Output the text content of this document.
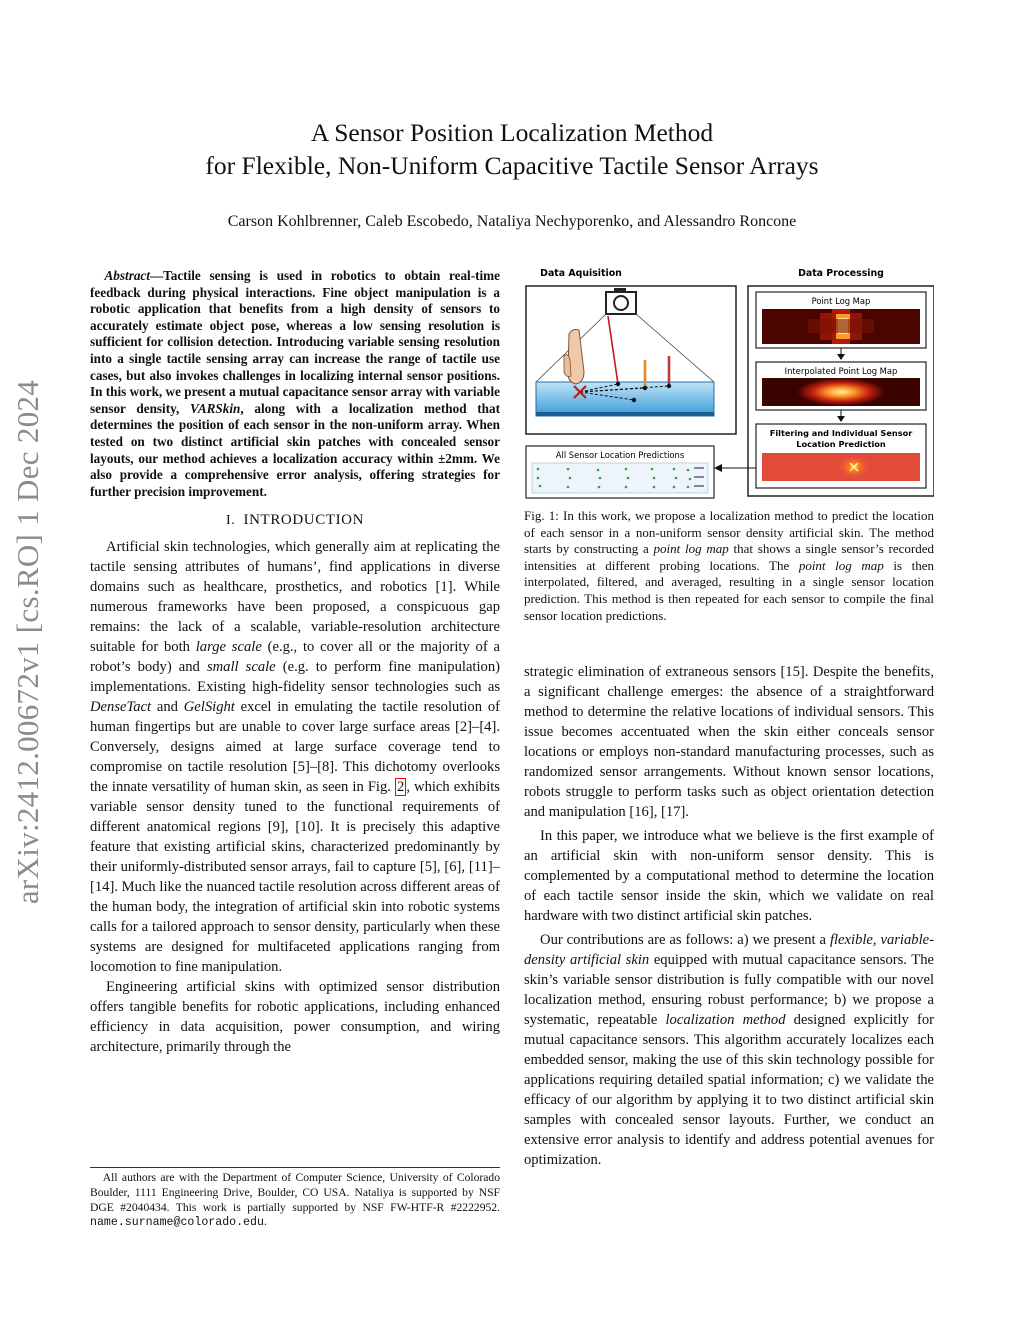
arXiv:2412.00672v1 [cs.RO] 1 Dec 2024
A Sensor Position Localization Method
for Flexible, Non-Uniform Capacitive Tactile Sensor Arrays
Carson Kohlbrenner, Caleb Escobedo, Nataliya Nechyporenko, and Alessandro Roncone

Abstract—Tactile sensing is used in robotics to obtain real-time feedback during physical interactions. Fine object manipulation is a robotic application that benefits from a high density of sensors to accurately estimate object pose, whereas a low sensing resolution is sufficient for collision detection. Introducing variable sensing resolution into a single tactile sensing array can increase the range of tactile use cases, but also invokes challenges in localizing internal sensor positions. In this work, we present a mutual capacitance sensor array with variable sensor density, VARSkin, along with a localization method that determines the position of each sensor in the non-uniform array. When tested on two distinct artificial skin patches with concealed sensor layouts, our method achieves a localization accuracy within ±2mm. We also provide a comprehensive error analysis, offering strategies for further precision improvement.

I. INTRODUCTION

Artificial skin technologies, which generally aim at replicating the tactile sensing attributes of humans’, find applications in diverse domains such as healthcare, prosthetics, and robotics [1]. While numerous frameworks have been proposed, a conspicuous gap remains: the lack of a scalable, variable-resolution architecture suitable for both large scale (e.g., to cover all or the majority of a robot’s body) and small scale (e.g. to perform fine manipulation) implementations. Existing high-fidelity sensor technologies such as DenseTact and GelSight excel in emulating the tactile resolution of human fingertips but are unable to cover large surface areas [2]–[4]. Conversely, designs aimed at large surface coverage tend to compromise on tactile resolution [5]–[8]. This dichotomy overlooks the innate versatility of human skin, as seen in Fig. 2 , which exhibits variable sensor density tuned to the functional requirements of different anatomical regions [9], [10]. It is precisely this adaptive feature that existing artificial skins, characterized predominantly by their uniformly-distributed sensor arrays, fail to capture [5], [6], [11]–[14]. Much like the nuanced tactile resolution across different areas of the human body, the integration of artificial skin into robotic systems calls for a tailored approach to sensor density, particularly when these systems are designed for multifaceted applications ranging from locomotion to fine manipulation.

Engineering artificial skins with optimized sensor distribution offers tangible benefits for robotic applications, including enhanced efficiency in data acquisition, power consumption, and wiring architecture, primarily through the

All authors are with the Department of Computer Science, University of Colorado Boulder, 1111 Engineering Drive, Boulder, CO USA. Nataliya is supported by NSF DGE #2040434. This work is partially supported by NSF FW-HTF-R #2222952. name.surname@colorado.edu.

Data Aquisition	Data Processing
Point Log Map
Interpolated Point Log Map
Filtering and Individual Sensor
Location Prediction
All Sensor Location Predictions
Fig. 1: In this work, we propose a localization method to predict the location of each sensor in a non-uniform sensor density artificial skin. The method starts by constructing a point log map that shows a single sensor’s recorded intensities at different probing locations. The point log map is then interpolated, filtered, and averaged, resulting in a single sensor location prediction. This method is then repeated for each sensor to compile the final sensor location predictions.

strategic elimination of extraneous sensors [15]. Despite the benefits, a significant challenge emerges: the absence of a straightforward method to determine the relative locations of individual sensors. This issue becomes accentuated when the skin either conceals sensor locations or employs non-standard manufacturing processes, such as randomized sensor arrangements. Without known sensor locations, robots struggle to perform tasks such as object orientation detection and manipulation [16], [17].

In this paper, we introduce what we believe is the first example of an artificial skin with non-uniform sensor density. This is complemented by a computational method to determine the location of each tactile sensor inside the skin, which we validate on real hardware with two distinct artificial skin patches.

Our contributions are as follows: a) we present a flexible, variable-density artificial skin equipped with mutual capacitance sensors. The skin’s variable sensor distribution is fully compatible with our novel localization method, ensuring robust performance; b) we propose a systematic, repeatable localization method designed explicitly for mutual capacitance sensors. This algorithm accurately localizes each embedded sensor, making the use of this skin technology possible for applications requiring detailed spatial information; c) we validate the efficacy of our algorithm by applying it to two distinct artificial skin samples with concealed sensor layouts. Further, we conduct an extensive error analysis to identify and address potential avenues for optimization.
